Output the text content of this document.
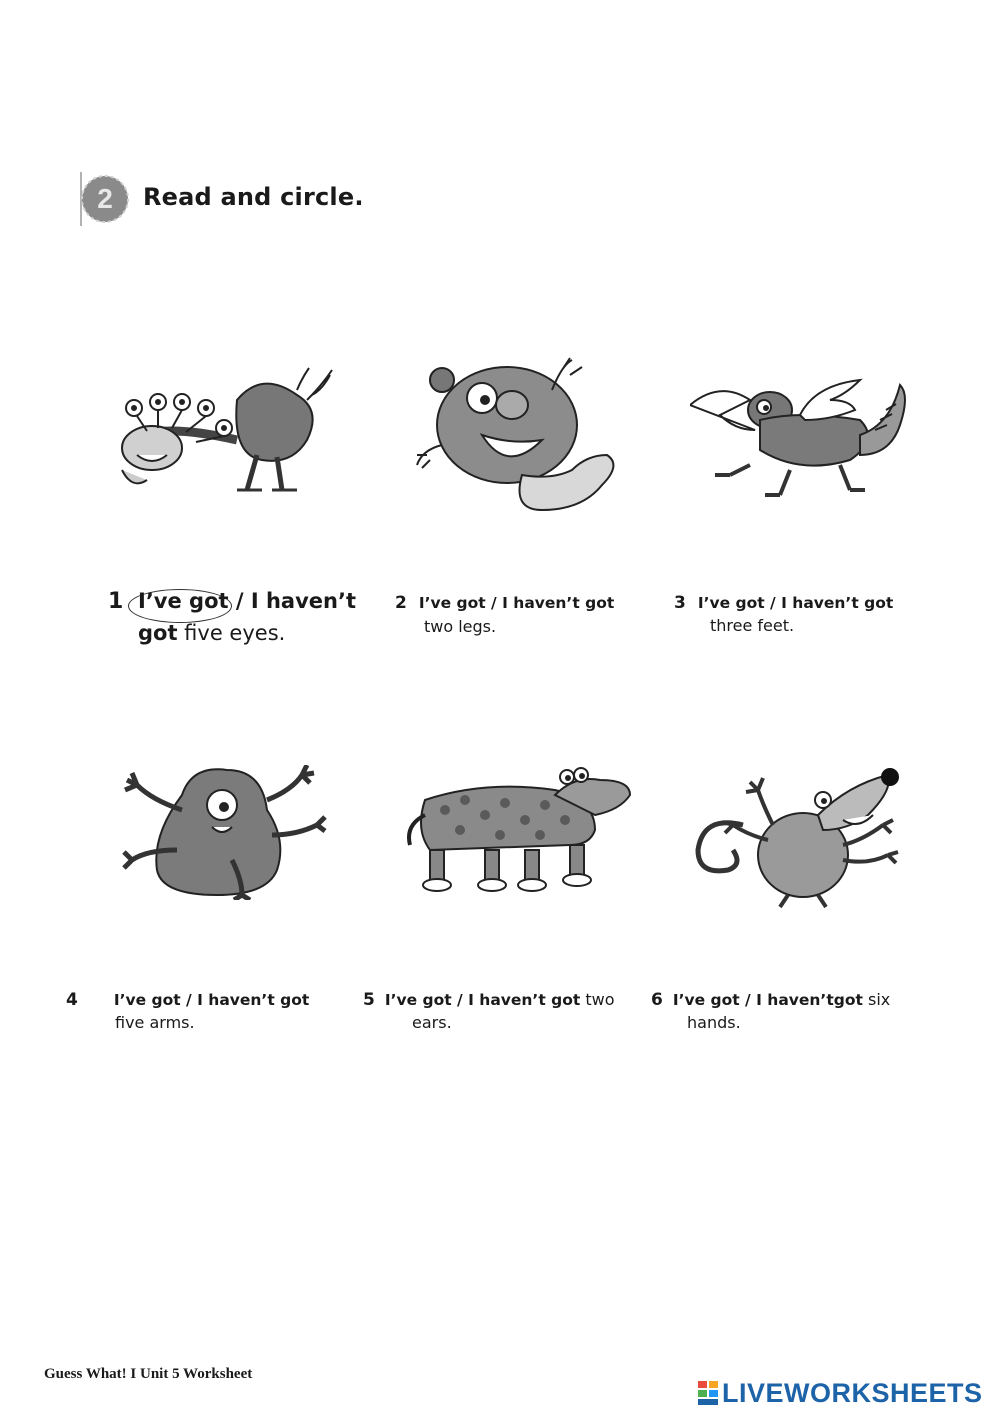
2 Read and circle.
1 I’ve got / I haven’t
got five eyes.
2 I’ve got / I haven’t got
two legs.
3 I’ve got / I haven’t got
three feet.
4 I’ve got / I haven’t got
five arms.
5 I’ve got / I haven’t got two
ears.
6 I’ve got / I haven’tgot six
hands.
Guess What! I Unit 5 Worksheet
LIVEWORKSHEETS
